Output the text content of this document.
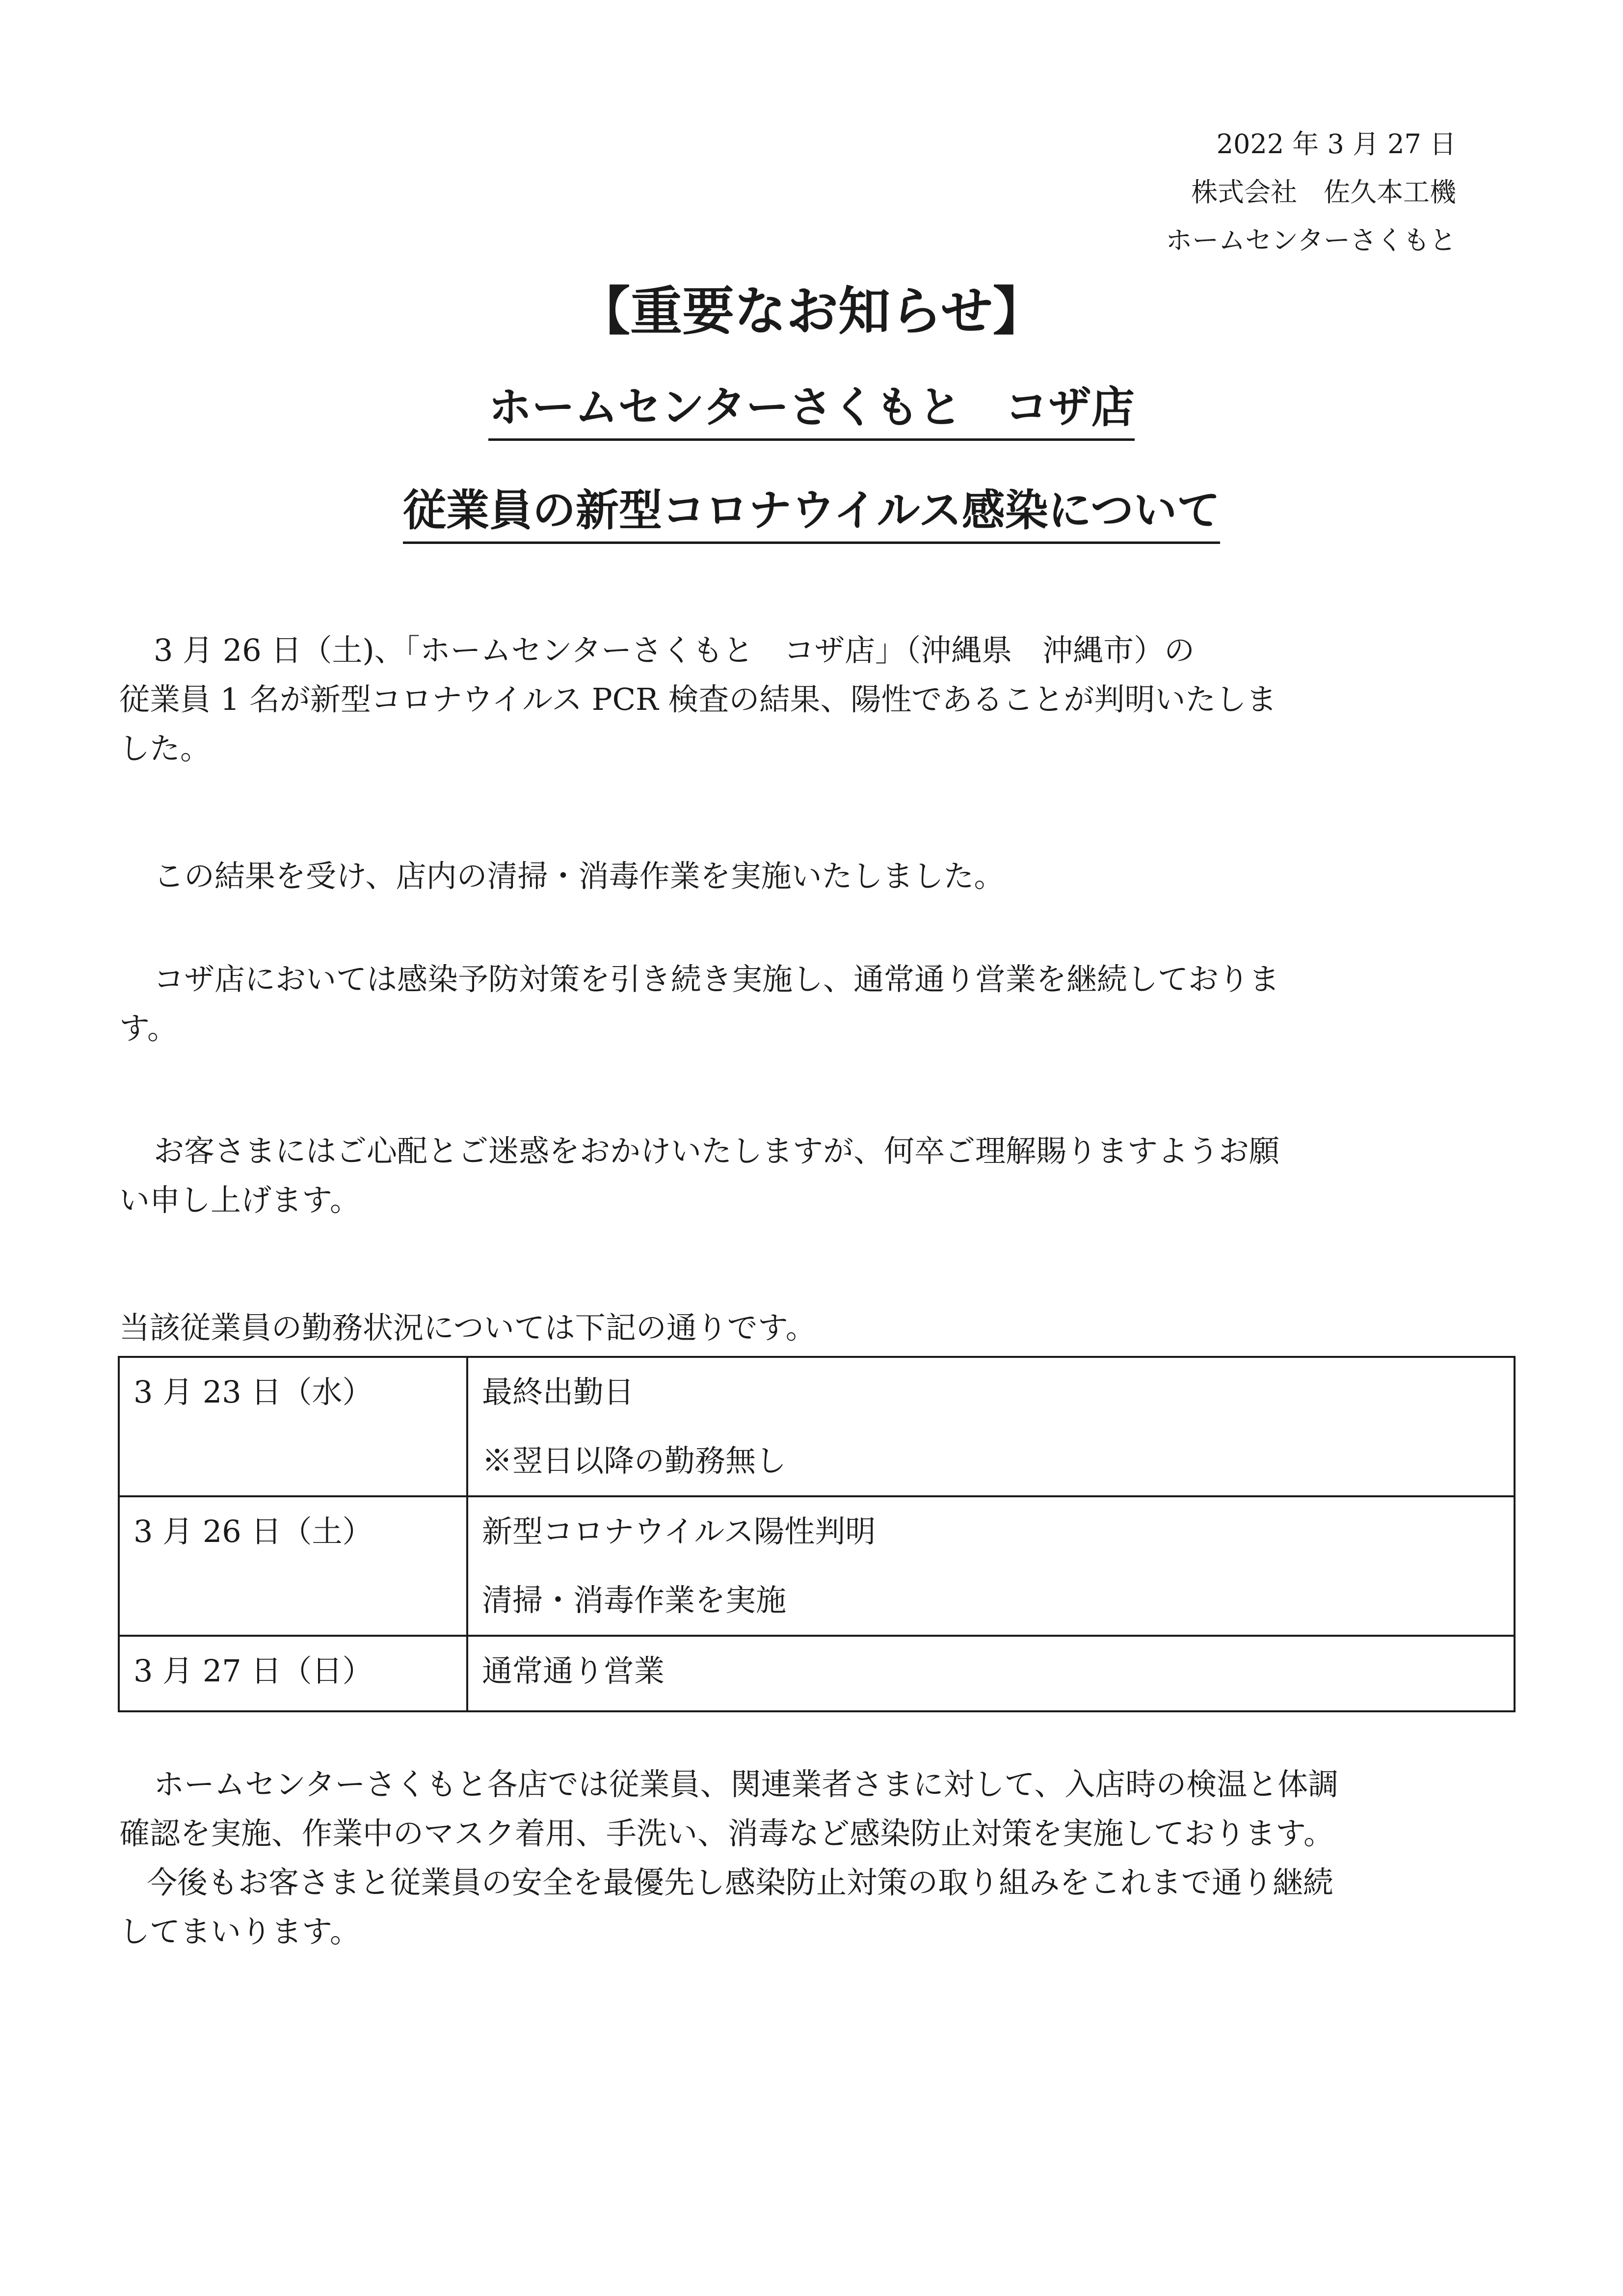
2022 年 3 月 27 日
株式会社　佐久本工機
ホームセンターさくもと
【重要なお知らせ】
ホームセンターさくもと　コザ店
従業員の新型コロナウイルス感染について

3 月 26 日（土)、「ホームセンターさくもと　コザ店」（沖縄県　沖縄市）の

従業員 1 名が新型コロナウイルス PCR 検査の結果、陽性であることが判明いたしま

した。

この結果を受け、店内の清掃・消毒作業を実施いたしました。

コザ店においては感染予防対策を引き続き実施し、通常通り営業を継続しておりま

す。

お客さまにはご心配とご迷惑をおかけいたしますが、何卒ご理解賜りますようお願

い申し上げます。

当該従業員の勤務状況については下記の通りです。

3 月 23 日（水）	最終出勤日
※翌日以降の勤務無し

3 月 26 日（土）	新型コロナウイルス陽性判明
清掃・消毒作業を実施

3 月 27 日（日）	通常通り営業

ホームセンターさくもと各店では従業員、関連業者さまに対して、入店時の検温と体調

確認を実施、作業中のマスク着用、手洗い、消毒など感染防止対策を実施しております。

今後もお客さまと従業員の安全を最優先し感染防止対策の取り組みをこれまで通り継続

してまいります。
